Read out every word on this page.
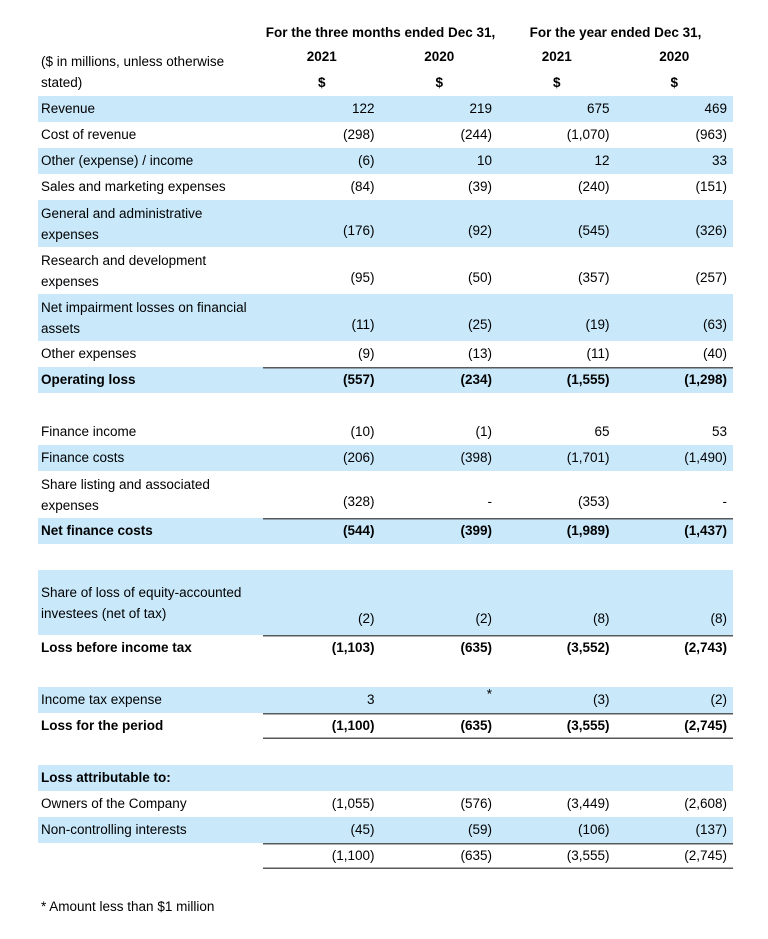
	For the three months ended Dec 31,		For the year ended Dec 31,	
($ in millions, unless otherwise stated)	2021	2020	2021	2020
	$	$	$	$
Revenue	122	219	675	469
Cost of revenue	(298)	(244)	(1,070)	(963)
Other (expense) / income	(6)	10	12	33
Sales and marketing expenses	(84)	(39)	(240)	(151)
General and administrative expenses	(176)	(92)	(545)	(326)
Research and development expenses	(95)	(50)	(357)	(257)
Net impairment losses on financial assets	(11)	(25)	(19)	(63)
Other expenses	(9)	(13)	(11)	(40)
Operating loss	(557)	(234)	(1,555)	(1,298)

Finance income	(10)	(1)	65	53
Finance costs	(206)	(398)	(1,701)	(1,490)
Share listing and associated expenses	(328)	-	(353)	-
Net finance costs	(544)	(399)	(1,989)	(1,437)

Share of loss of equity-accounted investees (net of tax)	(2)	(2)	(8)	(8)
Loss before income tax	(1,103)	(635)	(3,552)	(2,743)

Income tax expense	3	*	(3)	(2)
Loss for the period	(1,100)	(635)	(3,555)	(2,745)

Loss attributable to:				
Owners of the Company	(1,055)	(576)	(3,449)	(2,608)
Non-controlling interests	(45)	(59)	(106)	(137)
	(1,100)	(635)	(3,555)	(2,745)
* Amount less than $1 million
